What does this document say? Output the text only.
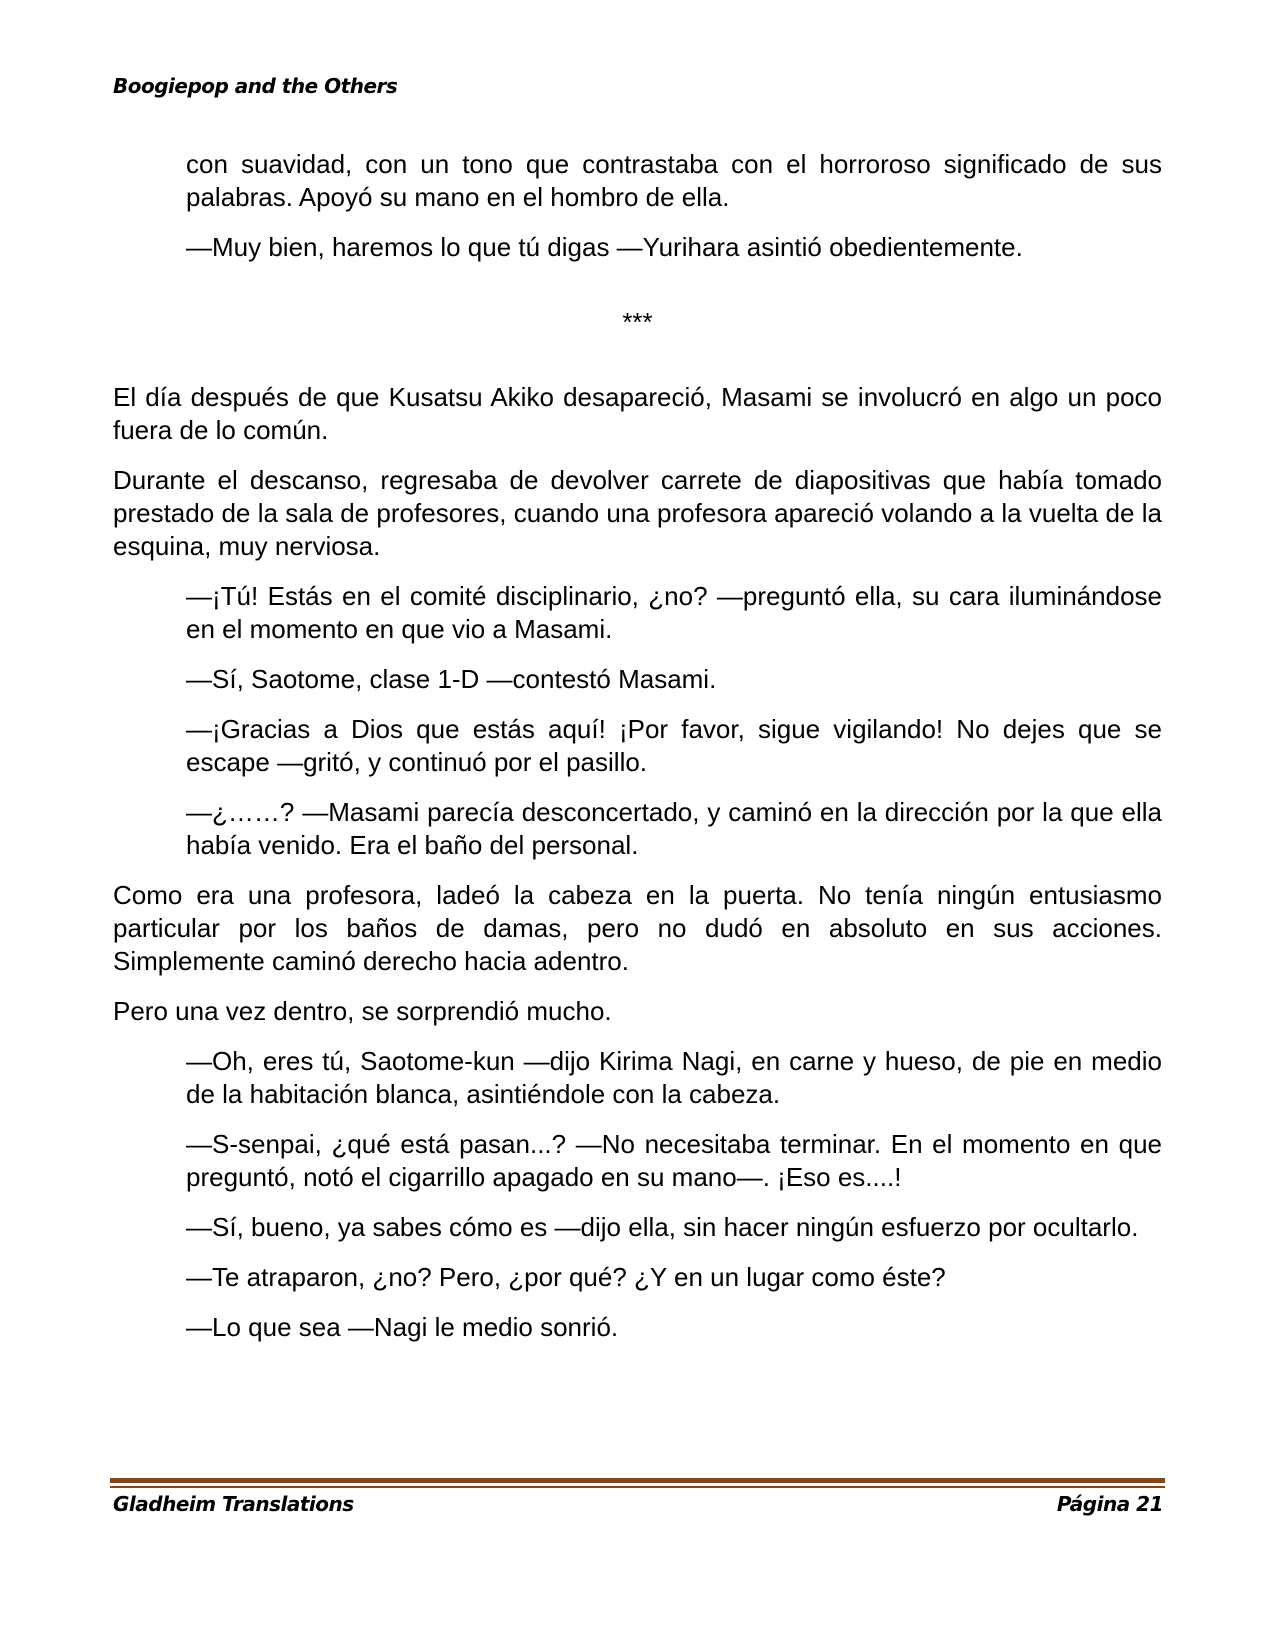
Boogiepop and the Others

con suavidad, con un tono que contrastaba con el horroroso significado de sus palabras. Apoyó su mano en el hombro de ella.

—Muy bien, haremos lo que tú digas —Yurihara asintió obedientemente.

***

El día después de que Kusatsu Akiko desapareció, Masami se involucró en algo un poco fuera de lo común.

Durante el descanso, regresaba de devolver carrete de diapositivas que había tomado prestado de la sala de profesores, cuando una profesora apareció volando a la vuelta de la esquina, muy nerviosa.

—¡Tú! Estás en el comité disciplinario, ¿no? —preguntó ella, su cara iluminándose en el momento en que vio a Masami.

—Sí, Saotome, clase 1-D —contestó Masami.

—¡Gracias a Dios que estás aquí! ¡Por favor, sigue vigilando! No dejes que se escape —gritó, y continuó por el pasillo.

—¿……? —Masami parecía desconcertado, y caminó en la dirección por la que ella había venido. Era el baño del personal.

Como era una profesora, ladeó la cabeza en la puerta. No tenía ningún entusiasmo particular por los baños de damas, pero no dudó en absoluto en sus acciones. Simplemente caminó derecho hacia adentro.

Pero una vez dentro, se sorprendió mucho.

—Oh, eres tú, Saotome-kun —dijo Kirima Nagi, en carne y hueso, de pie en medio de la habitación blanca, asintiéndole con la cabeza.

—S-senpai, ¿qué está pasan...? —No necesitaba terminar. En el momento en que preguntó, notó el cigarrillo apagado en su mano—. ¡Eso es....!

—Sí, bueno, ya sabes cómo es —dijo ella, sin hacer ningún esfuerzo por ocultarlo.

—Te atraparon, ¿no? Pero, ¿por qué? ¿Y en un lugar como éste?

—Lo que sea —Nagi le medio sonrió.

Gladheim Translations	Página 21
